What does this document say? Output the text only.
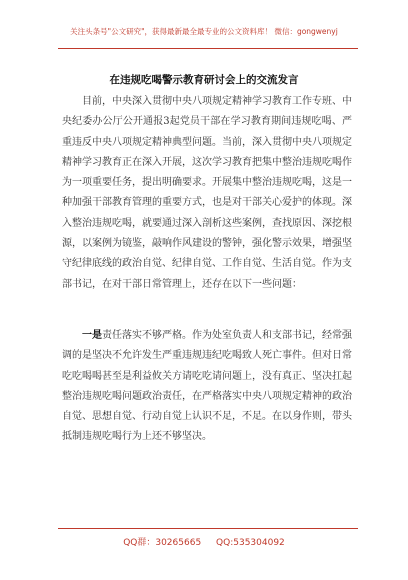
关注头条号"公文研究"，获得最新最全最专业的公文资料库！ 微信：gongwenyj
在违规吃喝警示教育研讨会上的交流发言

目前，中央深入贯彻中央八项规定精神学习教育工作专班、中央纪委办公厅公开通报3起党员干部在学习教育期间违规吃喝、严重违反中央八项规定精神典型问题。当前，深入贯彻中央八项规定精神学习教育正在深入开展，这次学习教育把集中整治违规吃喝作为一项重要任务，提出明确要求。开展集中整治违规吃喝，这是一种加强干部教育管理的重要方式，也是对干部关心爱护的体现。深入整治违规吃喝，就要通过深入剖析这些案例，查找原因、深挖根源，以案例为镜鉴，敲响作风建设的警钟，强化警示效果，增强坚守纪律底线的政治自觉、纪律自觉、工作自觉、生活自觉。作为支部书记，在对干部日常管理上，还存在以下一些问题：

一是责任落实不够严格。作为处室负责人和支部书记，经常强调的是坚决不允许发生严重违规违纪吃喝致人死亡事件。但对日常吃吃喝喝甚至是利益攸关方请吃吃请问题上，没有真正、坚决扛起整治违规吃喝问题政治责任，在严格落实中央八项规定精神的政治自觉、思想自觉、行动自觉上认识不足，不足。在以身作则，带头抵制违规吃喝行为上还不够坚决。

QQ群：30265665 QQ:535304092
